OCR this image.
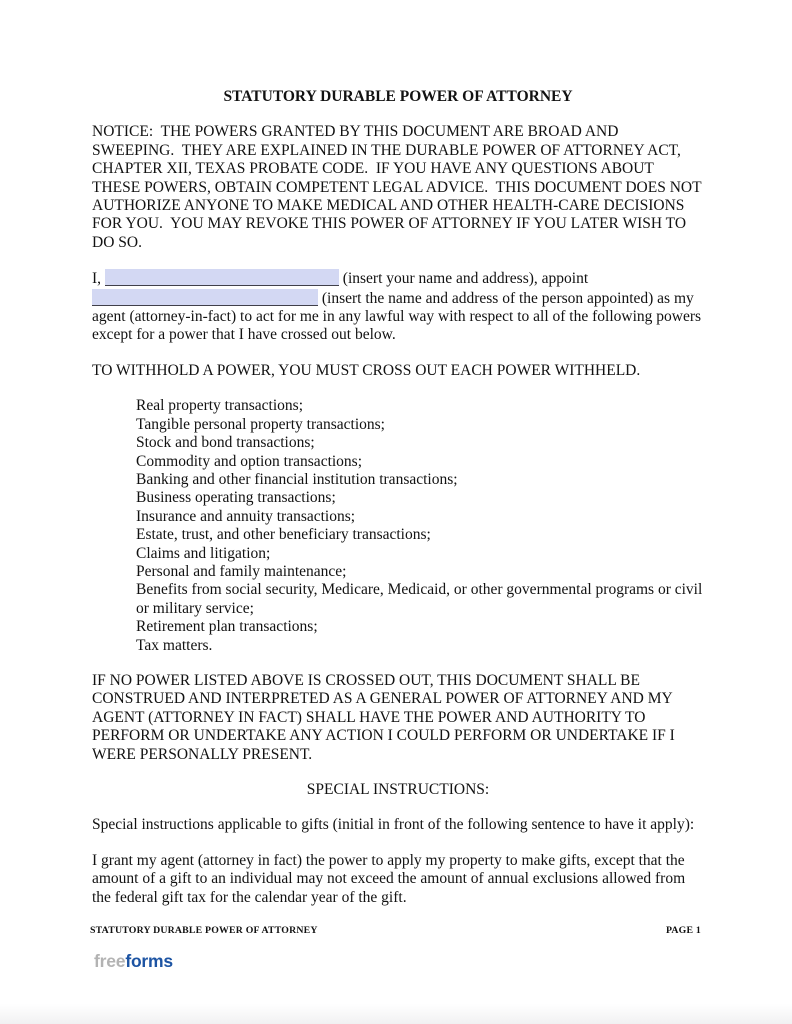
STATUTORY DURABLE POWER OF ATTORNEY

NOTICE:  THE POWERS GRANTED BY THIS DOCUMENT ARE BROAD AND SWEEPING.  THEY ARE EXPLAINED IN THE DURABLE POWER OF ATTORNEY ACT, CHAPTER XII, TEXAS PROBATE CODE.  IF YOU HAVE ANY QUESTIONS ABOUT THESE POWERS, OBTAIN COMPETENT LEGAL ADVICE.  THIS DOCUMENT DOES NOT AUTHORIZE ANYONE TO MAKE MEDICAL AND OTHER HEALTH-CARE DECISIONS FOR YOU.  YOU MAY REVOKE THIS POWER OF ATTORNEY IF YOU LATER WISH TO DO SO.

I,	(insert your name and address), appoint
(insert the name and address of the person appointed) as my
agent (attorney-in-fact) to act for me in any lawful way with respect to all of the following powers except for a power that I have crossed out below.

TO WITHHOLD A POWER, YOU MUST CROSS OUT EACH POWER WITHHELD.

Real property transactions;
Tangible personal property transactions;
Stock and bond transactions;
Commodity and option transactions;
Banking and other financial institution transactions;
Business operating transactions;
Insurance and annuity transactions;
Estate, trust, and other beneficiary transactions;
Claims and litigation;
Personal and family maintenance;
Benefits from social security, Medicare, Medicaid, or other governmental programs or civil or military service;
Retirement plan transactions;
Tax matters.

IF NO POWER LISTED ABOVE IS CROSSED OUT, THIS DOCUMENT SHALL BE CONSTRUED AND INTERPRETED AS A GENERAL POWER OF ATTORNEY AND MY AGENT (ATTORNEY IN FACT) SHALL HAVE THE POWER AND AUTHORITY TO PERFORM OR UNDERTAKE ANY ACTION I COULD PERFORM OR UNDERTAKE IF I WERE PERSONALLY PRESENT.

SPECIAL INSTRUCTIONS:

Special instructions applicable to gifts (initial in front of the following sentence to have it apply):

I grant my agent (attorney in fact) the power to apply my property to make gifts, except that the amount of a gift to an individual may not exceed the amount of annual exclusions allowed from the federal gift tax for the calendar year of the gift.

STATUTORY DURABLE POWER OF ATTORNEY	PAGE 1
freeforms
